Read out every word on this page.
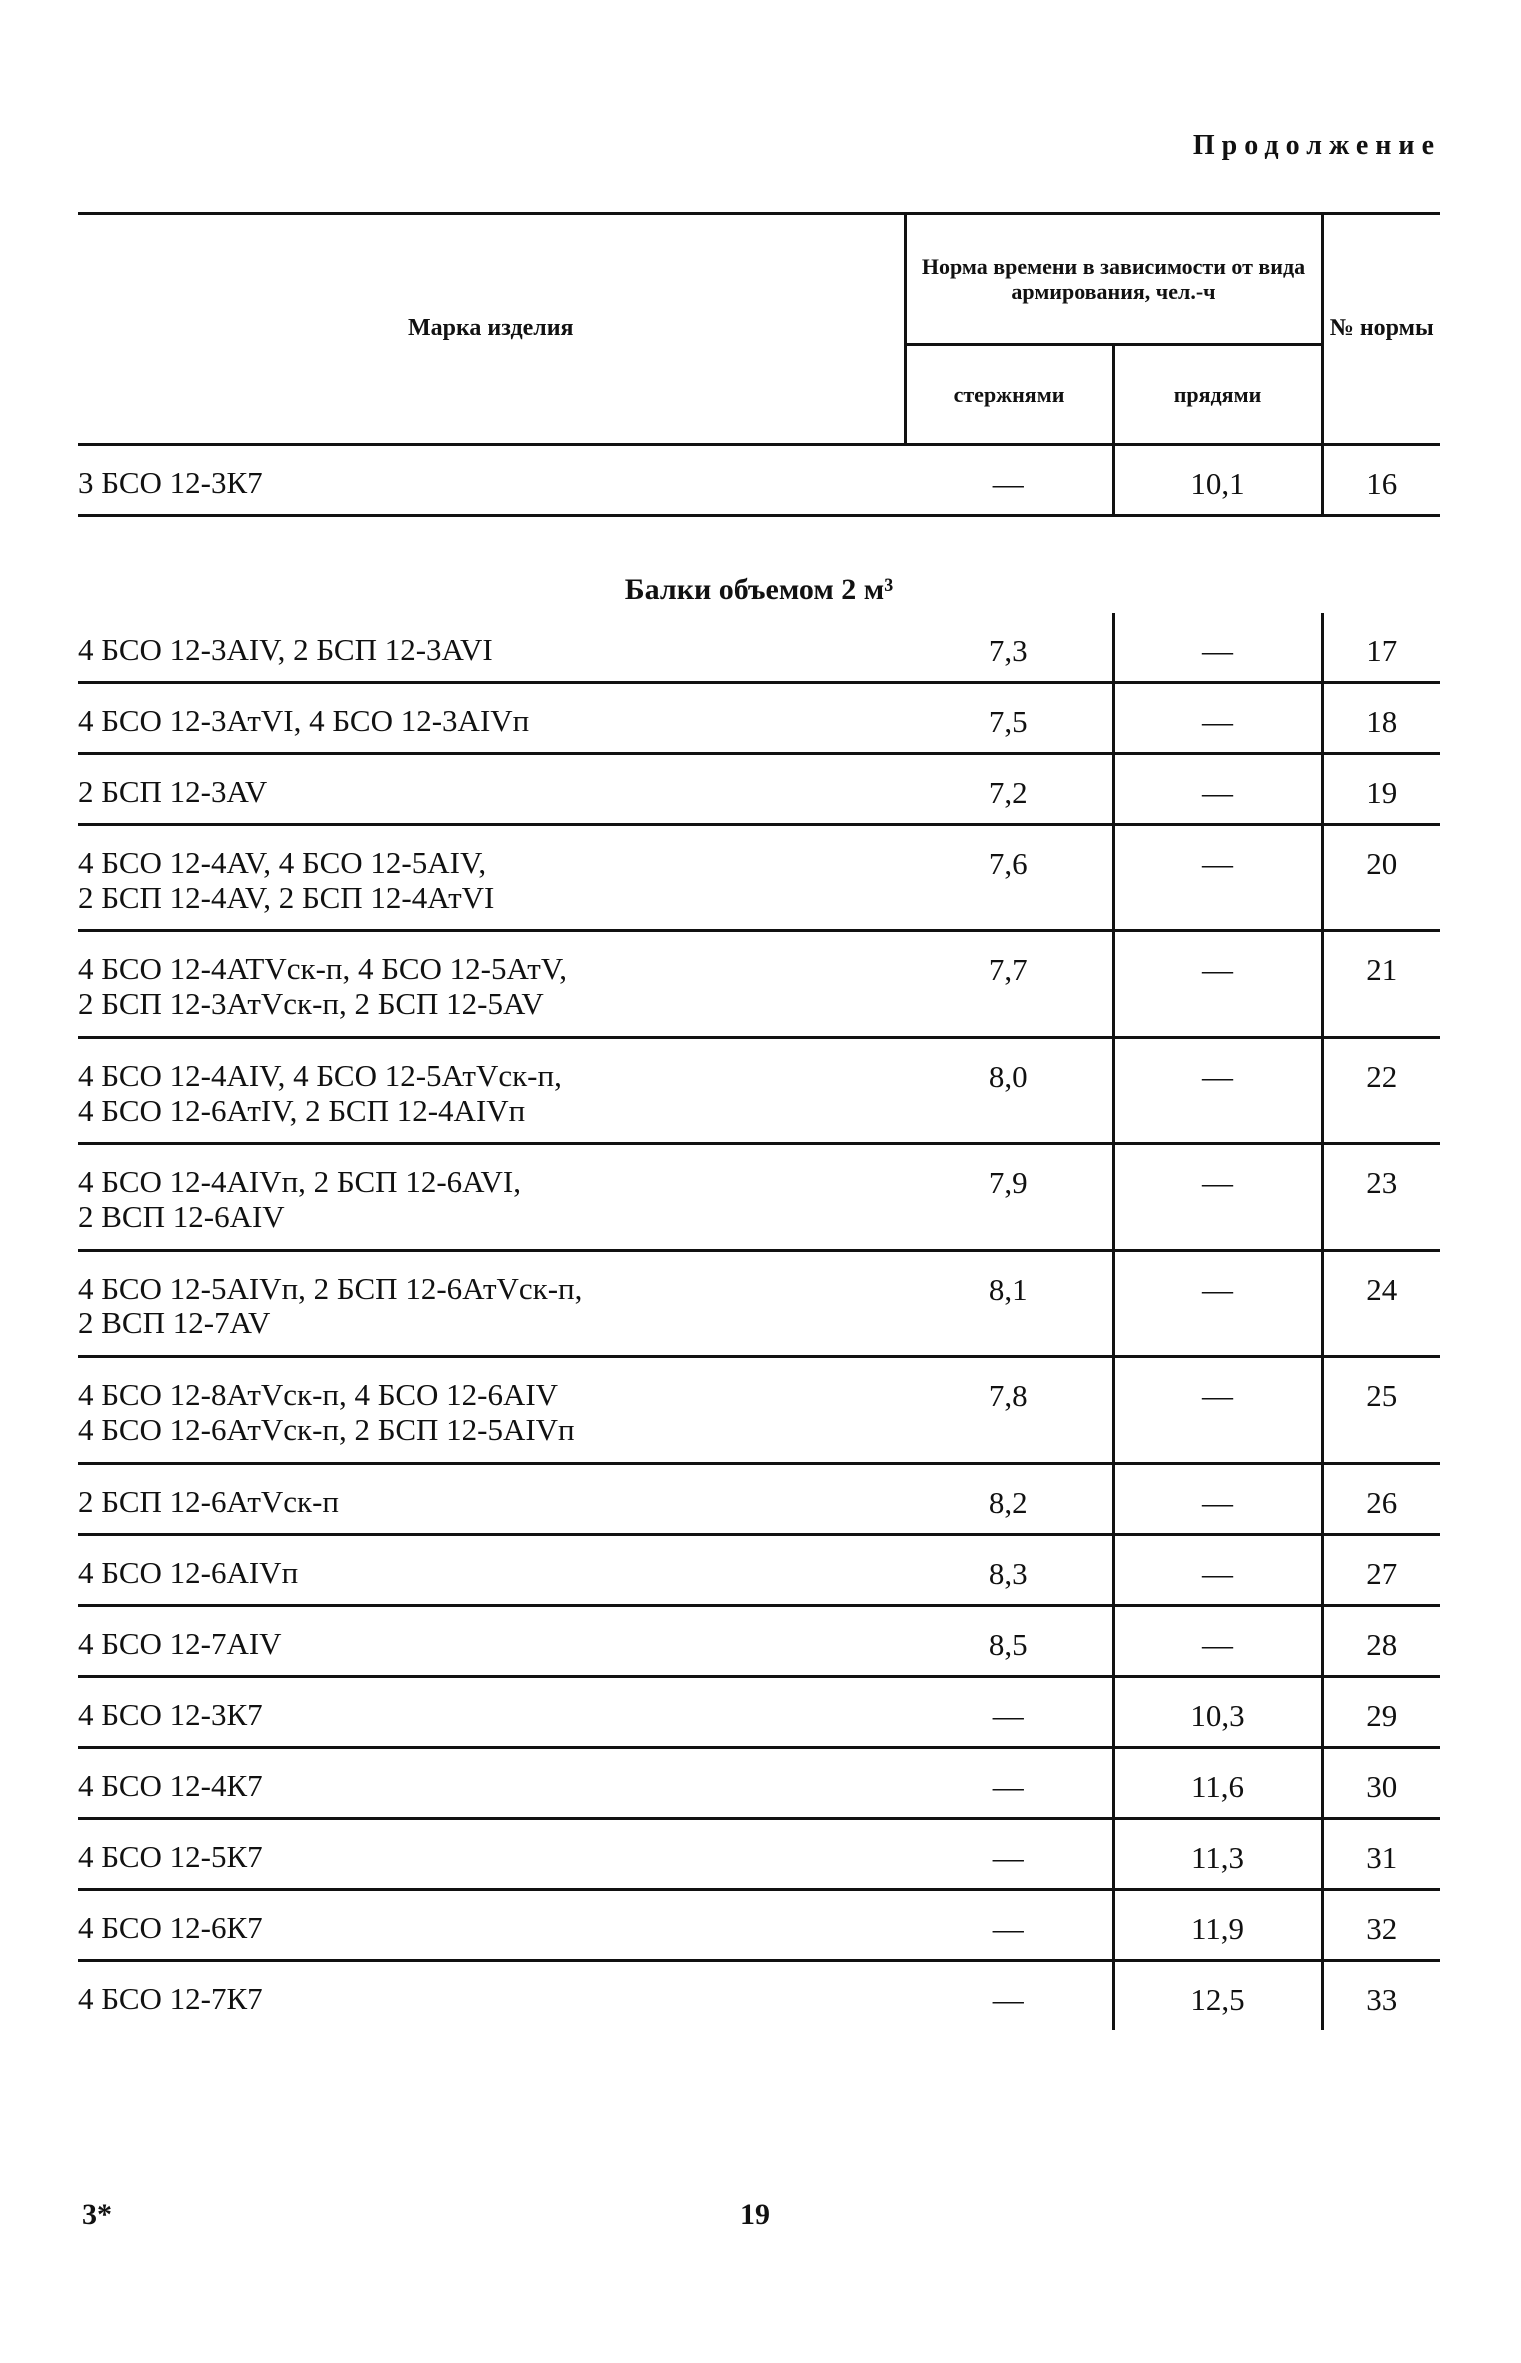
Продолжение
Марка изделия	Норма времени в зависимости от вида армирования, чел.-ч		№ нормы
	стержнями	прядями	

3 БСО 12-3К7	—	10,1	16

Балки объемом 2 м³			

4 БСО 12-3AIV, 2 БСП 12-3AVI	7,3	—	17

4 БСО 12-3АтVI, 4 БСО 12-3AIVп	7,5	—	18

2 БСП 12-3AV	7,2	—	19

4 БСО 12-4AV, 4 БСО 12-5AIV,
2 БСП 12-4AV, 2 БСП 12-4АтVI	7,6	—	20

4 БСО 12-4ATVск-п, 4 БСО 12-5АтV,
2 БСП 12-3АтVск-п, 2 БСП 12-5AV	7,7	—	21

4 БСО 12-4AIV, 4 БСО 12-5АтVск-п,
4 БСО 12-6АтIV, 2 БСП 12-4AIVп	8,0	—	22

4 БСО 12-4AIVп, 2 БСП 12-6AVI,
2 ВСП 12-6AIV	7,9	—	23

4 БСО 12-5AIVп, 2 БСП 12-6АтVск-п,
2 ВСП 12-7AV	8,1	—	24

4 БСО 12-8АтVск-п, 4 БСО 12-6AIV
4 БСО 12-6АтVск-п, 2 БСП 12-5AIVп	7,8	—	25

2 БСП 12-6АтVск-п	8,2	—	26

4 БСО 12-6AIVп	8,3	—	27

4 БСО 12-7AIV	8,5	—	28

4 БСО 12-3К7	—	10,3	29

4 БСО 12-4К7	—	11,6	30

4 БСО 12-5К7	—	11,3	31

4 БСО 12-6К7	—	11,9	32

4 БСО 12-7К7	—	12,5	33
3*	19
